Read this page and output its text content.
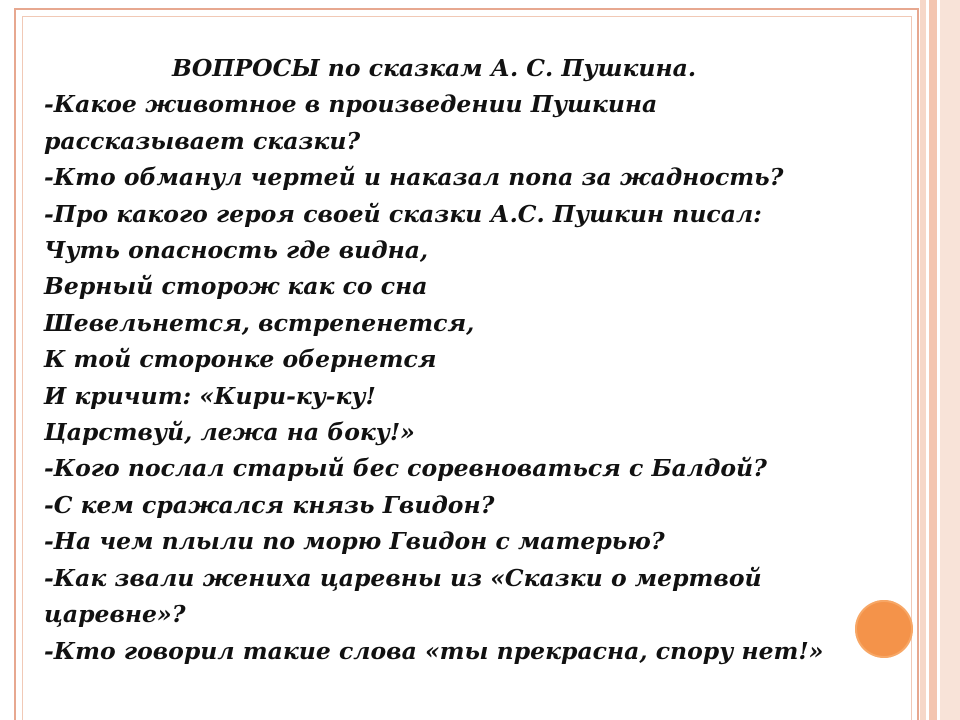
ВОПРОСЫ по сказкам А. С. Пушкина.
-Какое животное в произведении Пушкина
рассказывает сказки?
-Кто обманул чертей и наказал попа за жадность?
-Про какого героя своей сказки А.С. Пушкин писал:
Чуть опасность где видна,
Верный сторож как со сна
Шевельнется, встрепенется,
К той сторонке обернется
И кричит: «Кири-ку-ку!
Царствуй, лежа на боку!»
-Кого послал старый бес соревноваться с Балдой?
-С кем сражался князь Гвидон?
-На чем плыли по морю Гвидон с матерью?
-Как звали жениха царевны из «Сказки о мертвой
царевне»?
-Кто говорил такие слова «ты прекрасна, спору нет!»
